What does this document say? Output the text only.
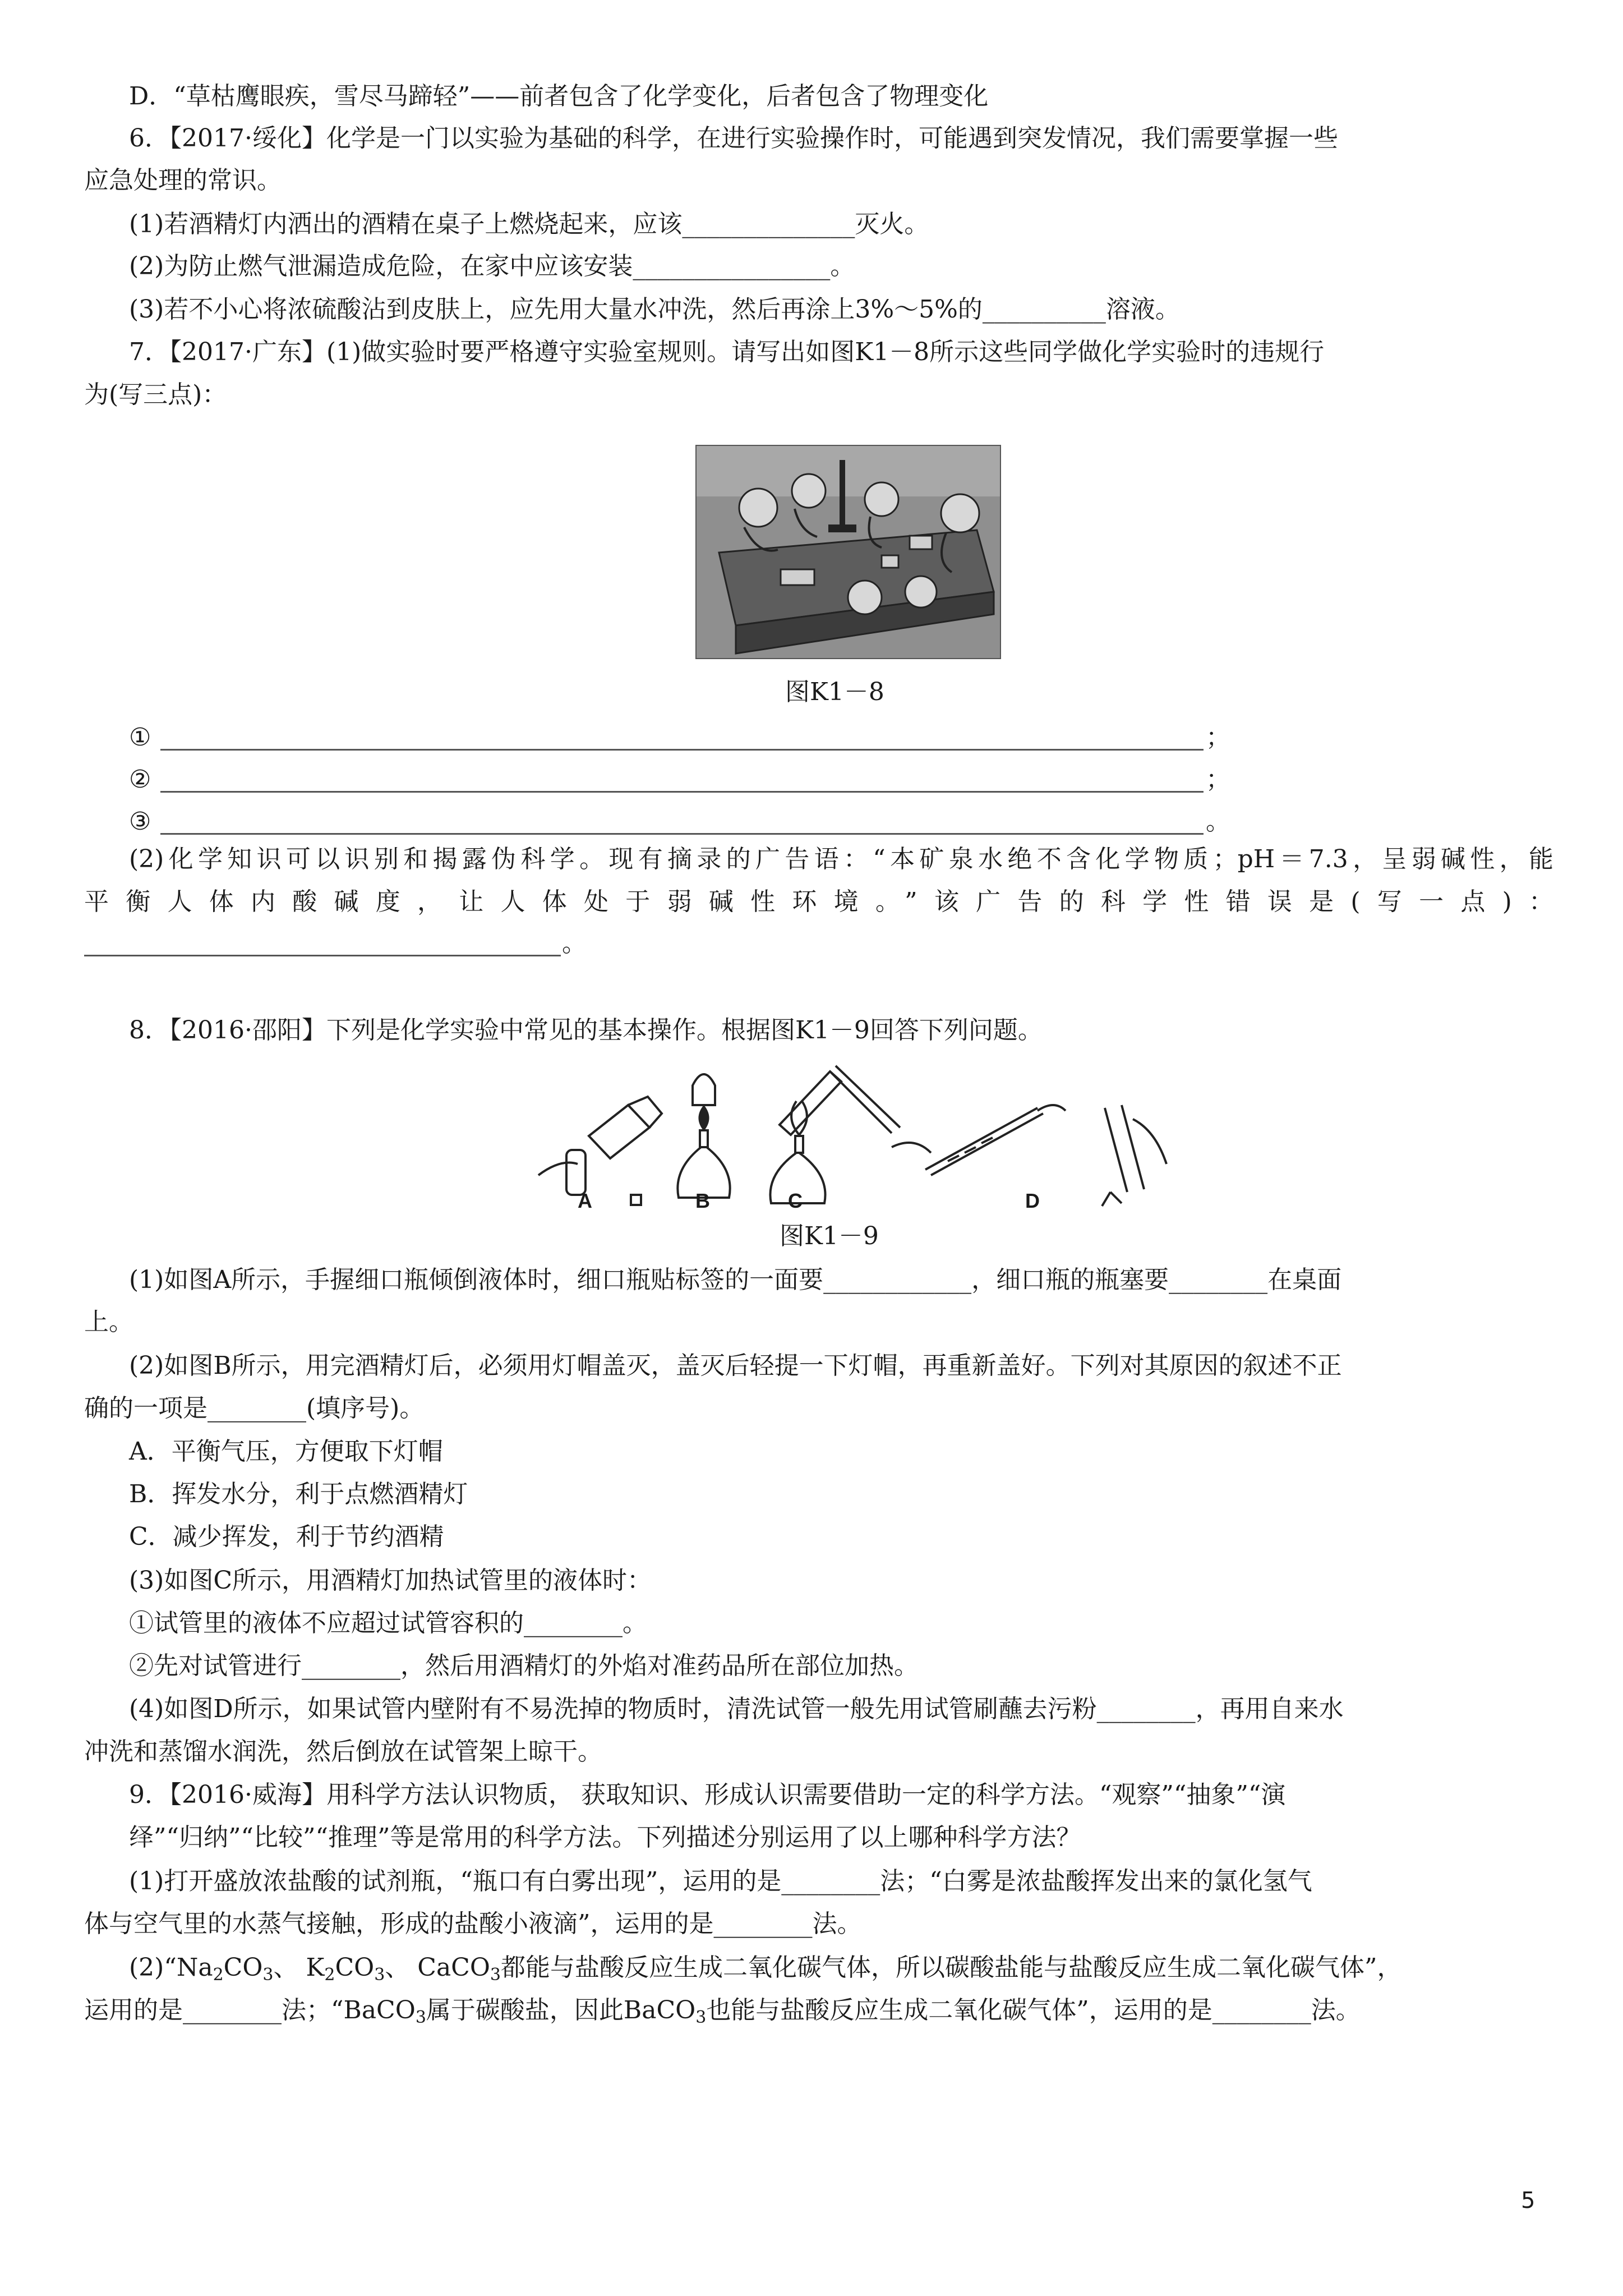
D．“草枯鹰眼疾，雪尽马蹄轻”——前者包含了化学变化，后者包含了物理变化
6．【2017·绥化】化学是一门以实验为基础的科学，在进行实验操作时，可能遇到突发情况，我们需要掌握一些
应急处理的常识。
(1)若酒精灯内洒出的酒精在桌子上燃烧起来，应该______________灭火。
(2)为防止燃气泄漏造成危险，在家中应该安装________________。
(3)若不小心将浓硫酸沾到皮肤上，应先用大量水冲洗，然后再涂上3%～5%的__________溶液。
7．【2017·广东】(1)做实验时要严格遵守实验室规则。请写出如图K1－8所示这些同学做化学实验时的违规行
为(写三点)：
图K1－8
①	；
②	；
③	。
(2)化学知识可以识别和揭露伪科学。现有摘录的广告语：“本矿泉水绝不含化学物质；pH＝7.3，呈弱碱性，能
平衡人体内酸碱度，让人体处于弱碱性环境。”该广告的科学性错误是(写一点)：
。
8．【2016·邵阳】下列是化学实验中常见的基本操作。根据图K1－9回答下列问题。
A	B	C	D
图K1－9
(1)如图A所示，手握细口瓶倾倒液体时，细口瓶贴标签的一面要____________，细口瓶的瓶塞要________在桌面
上。
(2)如图B所示，用完酒精灯后，必须用灯帽盖灭，盖灭后轻提一下灯帽，再重新盖好。下列对其原因的叙述不正
确的一项是________(填序号)。
A．平衡气压，方便取下灯帽
B．挥发水分，利于点燃酒精灯
C．减少挥发，利于节约酒精
(3)如图C所示，用酒精灯加热试管里的液体时：
①试管里的液体不应超过试管容积的________。
②先对试管进行________，然后用酒精灯的外焰对准药品所在部位加热。
(4)如图D所示，如果试管内壁附有不易洗掉的物质时，清洗试管一般先用试管刷蘸去污粉________，再用自来水
冲洗和蒸馏水润洗，然后倒放在试管架上晾干。
9．【2016·威海】用科学方法认识物质， 获取知识、形成认识需要借助一定的科学方法。“观察”“抽象”“演
绎”“归纳”“比较”“推理”等是常用的科学方法。下列描述分别运用了以上哪种科学方法？
(1)打开盛放浓盐酸的试剂瓶，“瓶口有白雾出现”，运用的是________法；“白雾是浓盐酸挥发出来的氯化氢气
体与空气里的水蒸气接触，形成的盐酸小液滴”，运用的是________法。
$(2)“Na_2CO_3$、 $K_2CO_3$、 CaCO$_3$都能与盐酸反应生成二氧化碳气体，所以碳酸盐能与盐酸反应生成二氧化碳气体”，
运用的是________法；“BaCO$_3$属于碳酸盐，因此BaCO$_3$也能与盐酸反应生成二氧化碳气体”，运用的是________法。
5
